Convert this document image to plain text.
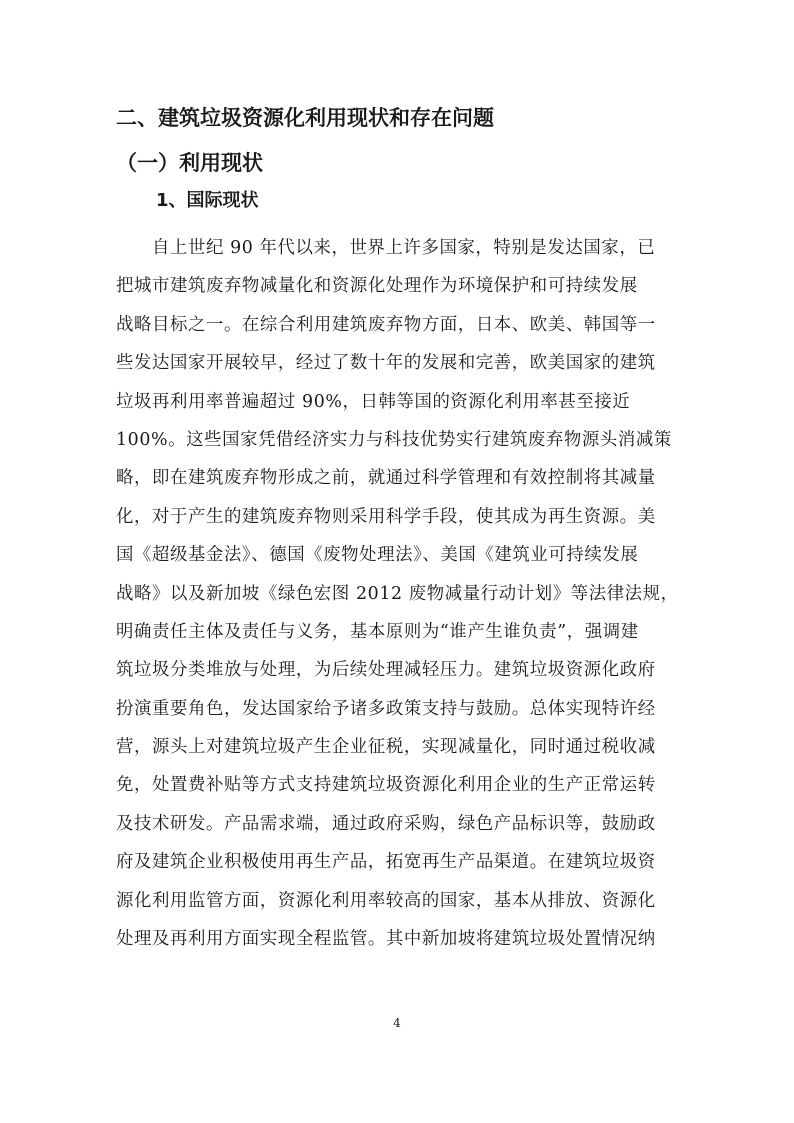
二、建筑垃圾资源化利用现状和存在问题
（一）利用现状
1、国际现状
自上世纪 90 年代以来，世界上许多国家，特别是发达国家，已
把城市建筑废弃物减量化和资源化处理作为环境保护和可持续发展
战略目标之一。在综合利用建筑废弃物方面，日本、欧美、韩国等一
些发达国家开展较早，经过了数十年的发展和完善，欧美国家的建筑
垃圾再利用率普遍超过 90%，日韩等国的资源化利用率甚至接近
100%。这些国家凭借经济实力与科技优势实行建筑废弃物源头消减策
略，即在建筑废弃物形成之前，就通过科学管理和有效控制将其减量
化，对于产生的建筑废弃物则采用科学手段，使其成为再生资源。美
国《超级基金法》、德国《废物处理法》、美国《建筑业可持续发展
战略》以及新加坡《绿色宏图 2012 废物减量行动计划》等法律法规，
明确责任主体及责任与义务，基本原则为“谁产生谁负责”，强调建
筑垃圾分类堆放与处理，为后续处理减轻压力。建筑垃圾资源化政府
扮演重要角色，发达国家给予诸多政策支持与鼓励。总体实现特许经
营，源头上对建筑垃圾产生企业征税，实现减量化，同时通过税收减
免，处置费补贴等方式支持建筑垃圾资源化利用企业的生产正常运转
及技术研发。产品需求端，通过政府采购，绿色产品标识等，鼓励政
府及建筑企业积极使用再生产品，拓宽再生产品渠道。在建筑垃圾资
源化利用监管方面，资源化利用率较高的国家，基本从排放、资源化
处理及再利用方面实现全程监管。其中新加坡将建筑垃圾处置情况纳
4
